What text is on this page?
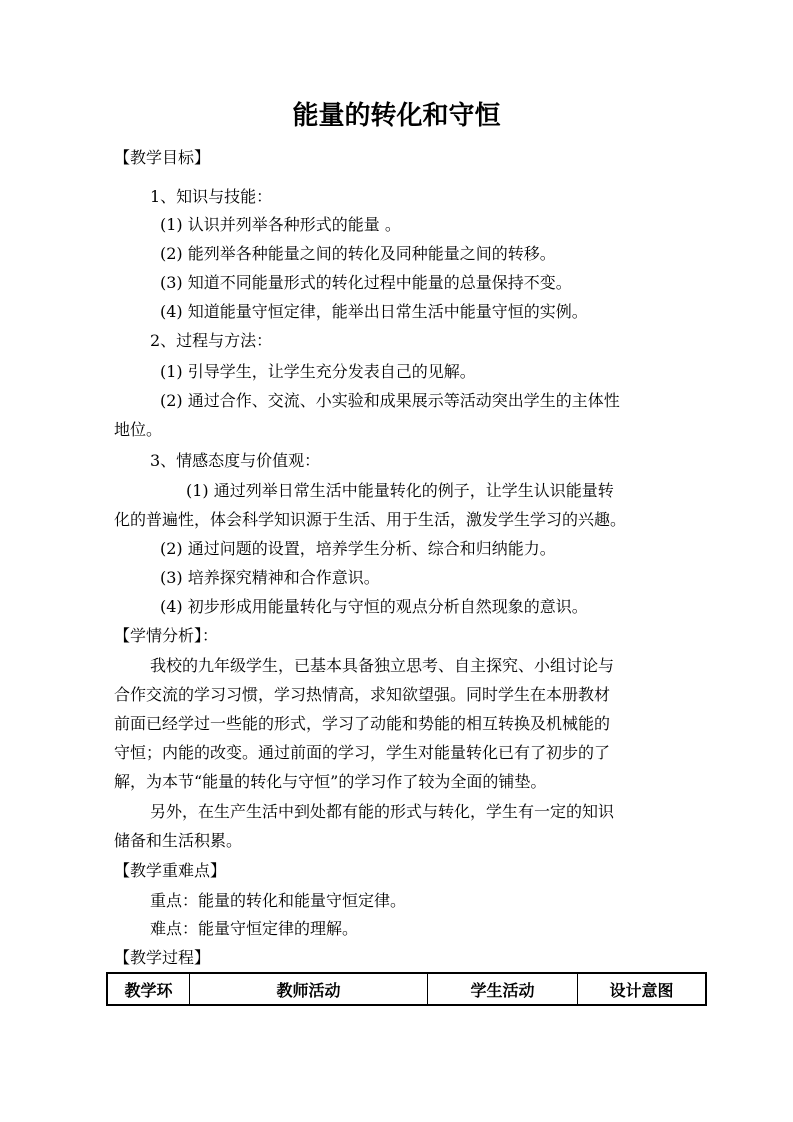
能量的转化和守恒

【教学目标】

1、知识与技能：

(1) 认识并列举各种形式的能量 。

(2) 能列举各种能量之间的转化及同种能量之间的转移。

(3) 知道不同能量形式的转化过程中能量的总量保持不变。

(4) 知道能量守恒定律，能举出日常生活中能量守恒的实例。

2、过程与方法：

(1) 引导学生，让学生充分发表自己的见解。

(2) 通过合作、交流、小实验和成果展示等活动突出学生的主体性

地位。

3、情感态度与价值观：

(1) 通过列举日常生活中能量转化的例子，让学生认识能量转

化的普遍性，体会科学知识源于生活、用于生活，激发学生学习的兴趣。

(2) 通过问题的设置，培养学生分析、综合和归纳能力。

(3) 培养探究精神和合作意识。

(4) 初步形成用能量转化与守恒的观点分析自然现象的意识。

【学情分析】：

我校的九年级学生，已基本具备独立思考、自主探究、小组讨论与

合作交流的学习习惯，学习热情高，求知欲望强。同时学生在本册教材

前面已经学过一些能的形式，学习了动能和势能的相互转换及机械能的

守恒；内能的改变。通过前面的学习，学生对能量转化已有了初步的了

解，为本节“能量的转化与守恒”的学习作了较为全面的铺垫。

另外，在生产生活中到处都有能的形式与转化，学生有一定的知识

储备和生活积累。

【教学重难点】

重点：能量的转化和能量守恒定律。

难点：能量守恒定律的理解。

【教学过程】

教学环	教师活动	学生活动	设计意图
